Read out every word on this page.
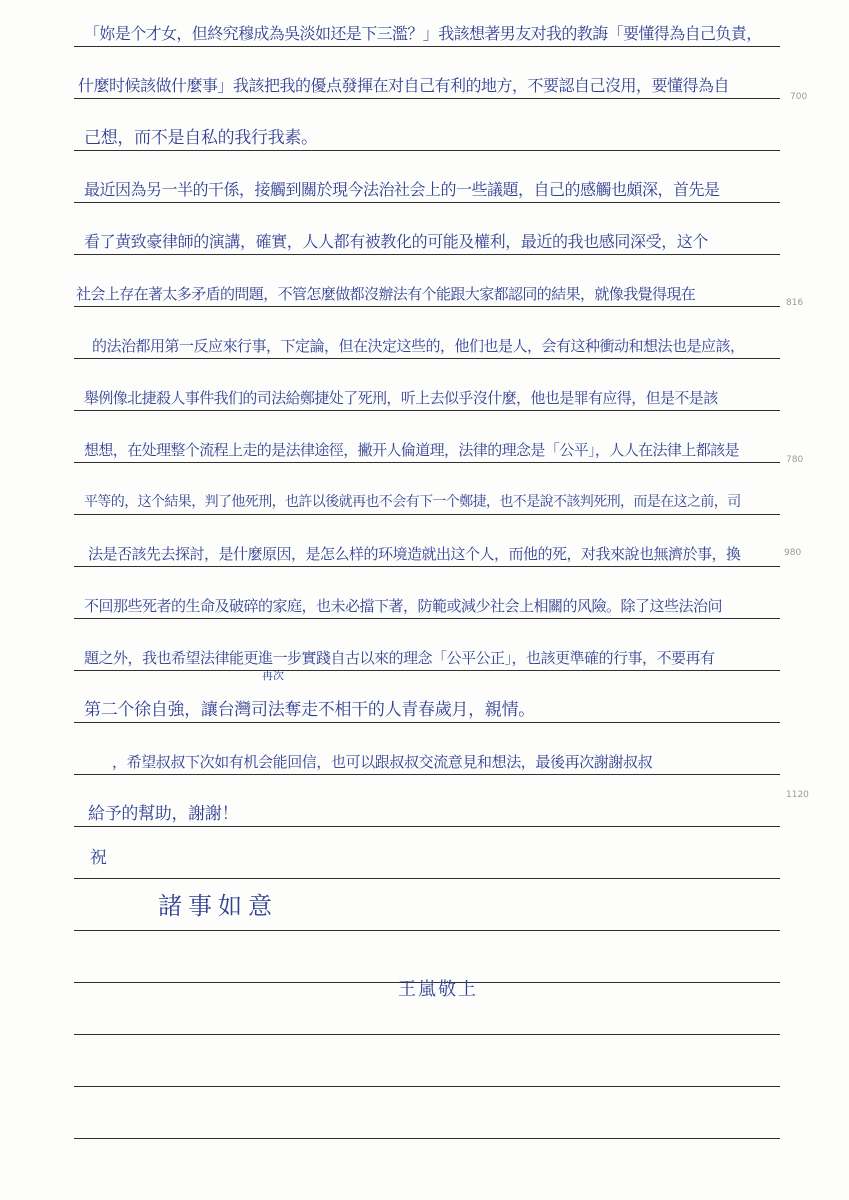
「妳是个才女，但終究穆成為吳淡如还是下三濫？」我該想著男友对我的教誨「要懂得為自己负責，
什麼时候該做什麼事」我該把我的優点發揮在对自己有利的地方，不要認自己沒用，要懂得為自
己想，而不是自私的我行我素。
最近因為另一半的干係，接觸到關於現今法治社会上的一些議題，自己的感觸也頗深，首先是
看了黄致豪律師的演講，確實，人人都有被教化的可能及權利，最近的我也感同深受，这个
社会上存在著太多矛盾的問題，不管怎麼做都沒辦法有个能跟大家都認同的結果，就像我覺得現在
的法治都用第一反应來行事，下定論，但在決定这些的，他们也是人，会有这种衝动和想法也是应該，
舉例像北捷殺人事件我们的司法給鄭捷处了死刑，听上去似乎沒什麼，他也是罪有应得，但是不是該
想想，在处理整个流程上走的是法律途徑，撇开人倫道理，法律的理念是「公平」，人人在法律上都該是
平等的，这个結果，判了他死刑，也許以後就再也不会有下一个鄭捷，也不是說不該判死刑，而是在这之前，司
法是否該先去探討，是什麼原因，是怎么样的环境造就出这个人，而他的死，对我來說也無濟於事，換
不回那些死者的生命及破碎的家庭，也未必擋下著，防範或減少社会上相關的风險。除了这些法治问
題之外，我也希望法律能更進一步實踐自古以來的理念「公平公正」，也該更準確的行事，不要再有
第二个徐自強，讓台灣司法奪走不相干的人青春歲月，親情。
，希望叔叔下次如有机会能回信，也可以跟叔叔交流意見和想法，最後再次謝謝叔叔
給予的幫助，謝謝！
祝
再次
諸事如意
王嵐敬上
700
816
780
980
1120
